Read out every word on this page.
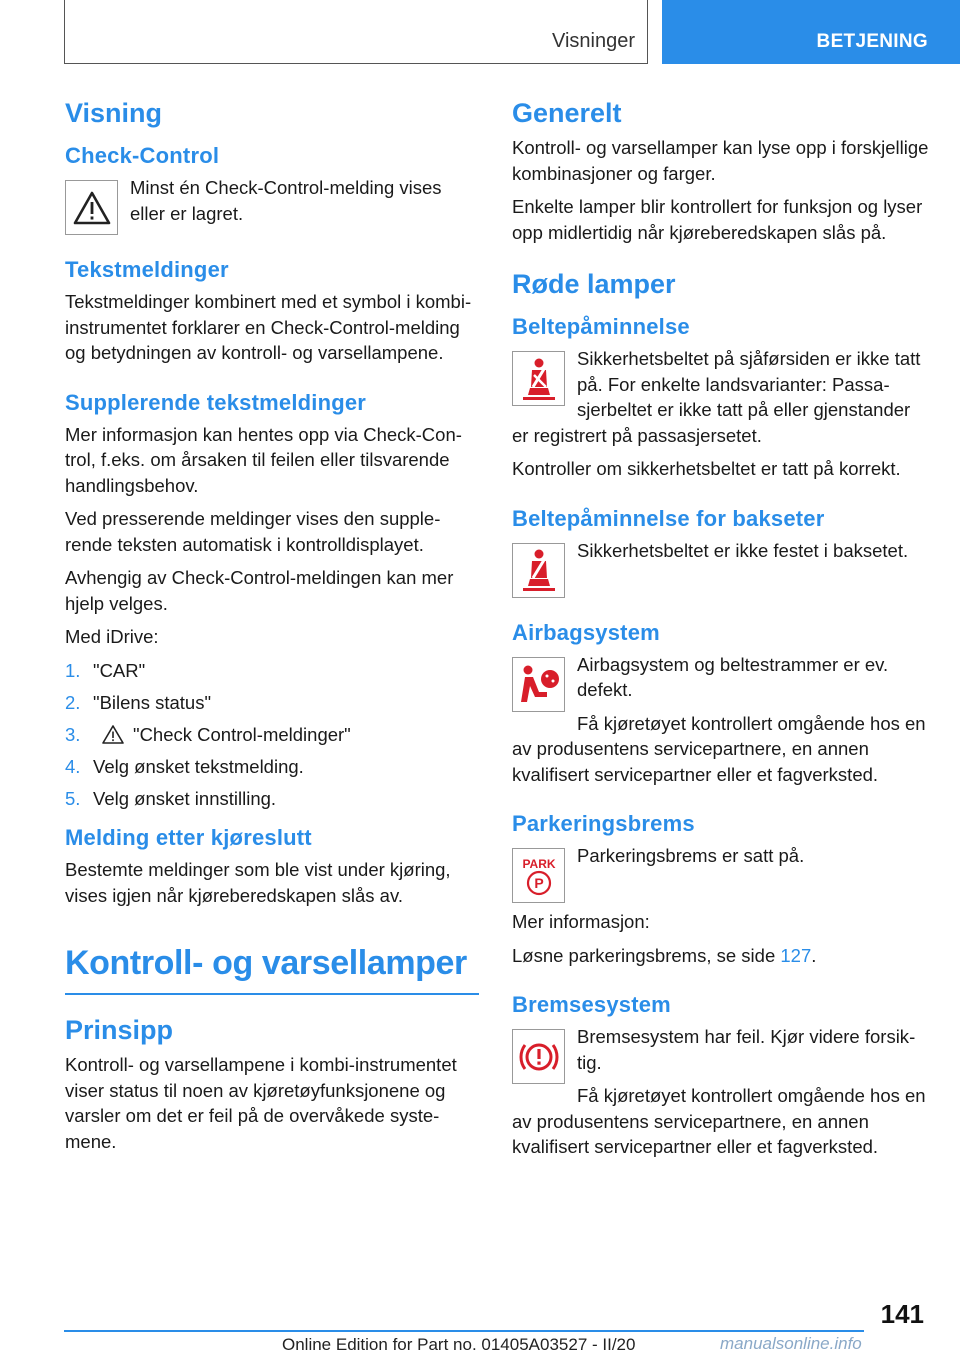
Visninger	BETJENING
Visning
Check-Control

Minst én Check-Control-melding vises eller er lagret.

Tekstmeldinger

Tekstmeldinger kombinert med et symbol i kombi-instrumentet forklarer en Check-Control-melding og betydningen av kontroll- og varsellampene.

Supplerende tekstmeldinger

Mer informasjon kan hentes opp via Check-Control, f.eks. om årsaken til feilen eller tilsvarende handlingsbehov.

Ved presserende meldinger vises den supplerende teksten automatisk i kontrolldisplayet.

Avhengig av Check-Control-meldingen kan mer hjelp velges.

Med iDrive:

1. "CAR"
2. "Bilens status"
3.	"Check Control-meldinger"
4. Velg ønsket tekstmelding.
5. Velg ønsket innstilling.
Melding etter kjøreslutt

Bestemte meldinger som ble vist under kjøring, vises igjen når kjøreberedskapen slås av.

Kontroll- og varsellamper
Prinsipp

Kontroll- og varsellampene i kombi-instrumentet viser status til noen av kjøretøyfunksjonene og varsler om det er feil på de overvåkede systemene.

Generelt

Kontroll- og varsellamper kan lyse opp i forskjellige kombinasjoner og farger.

Enkelte lamper blir kontrollert for funksjon og lyser opp midlertidig når kjøreberedskapen slås på.

Røde lamper
Beltepåminnelse

Sikkerhetsbeltet på sjåførsiden er ikke tatt på. For enkelte landsvarianter: Passasjerbeltet er ikke tatt på eller gjenstander er registrert på passasjersetet.

Kontroller om sikkerhetsbeltet er tatt på korrekt.

Beltepåminnelse for bakseter

Sikkerhetsbeltet er ikke festet i baksetet.

Airbagsystem

Airbagsystem og beltestrammer er ev. defekt.

Få kjøretøyet kontrollert omgående hos en av produsentens servicepartnere, en annen kvalifisert servicepartner eller et fagverksted.

Parkeringsbrems
PARK
P

Parkeringsbrems er satt på.

Mer informasjon:

Løsne parkeringsbrems, se side 127.

Bremsesystem

Bremsesystem har feil. Kjør videre forsiktig.

Få kjøretøyet kontrollert omgående hos en av produsentens servicepartnere, en annen kvalifisert servicepartner eller et fagverksted.

141
Online Edition for Part no. 01405A03527 - II/20	manualsonline.info
